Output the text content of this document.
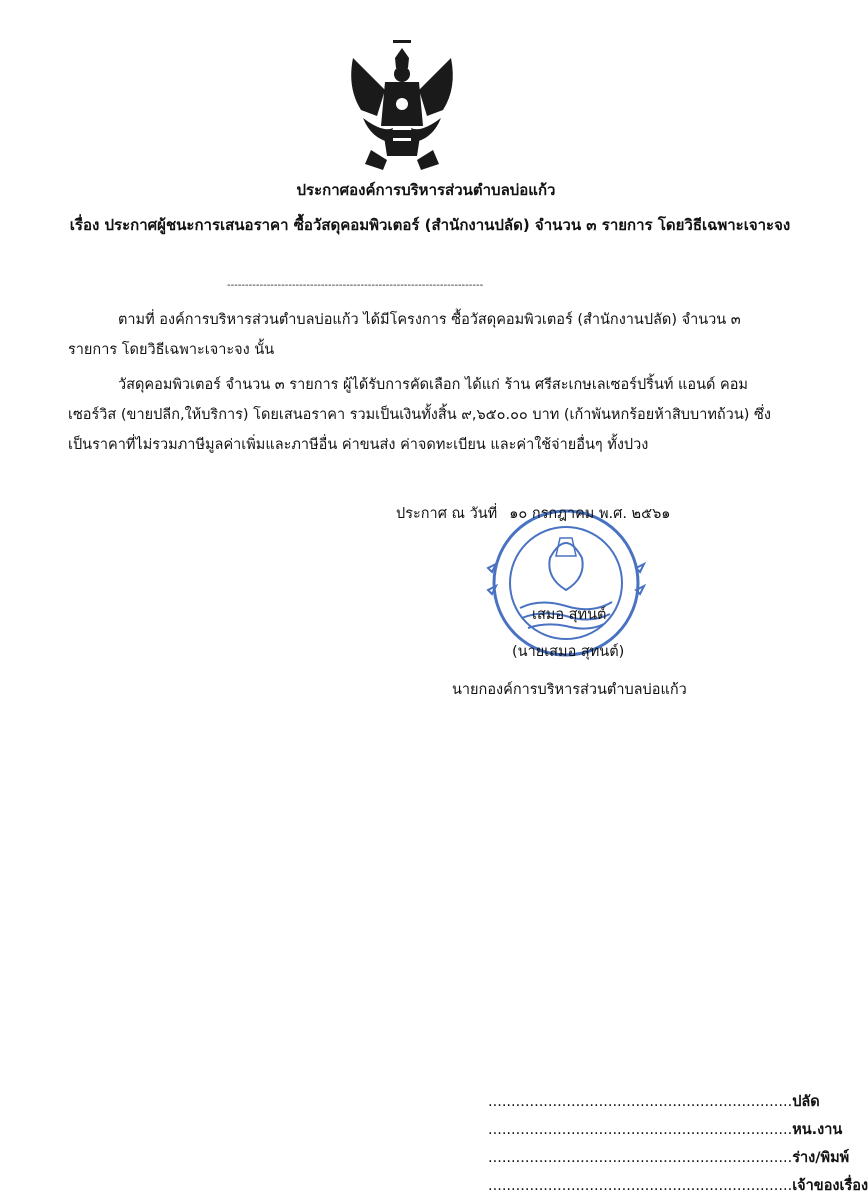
ประกาศองค์การบริหารส่วนตำบลบ่อแก้ว
เรื่อง ประกาศผู้ชนะการเสนอราคา ซื้อวัสดุคอมพิวเตอร์ (สำนักงานปลัด) จำนวน ๓ รายการ โดยวิธีเฉพาะเจาะจง
-----------------------------------------------------------------------
ตามที่ องค์การบริหารส่วนตำบลบ่อแก้ว ได้มีโครงการ ซื้อวัสดุคอมพิวเตอร์ (สำนักงานปลัด) จำนวน ๓ รายการ โดยวิธีเฉพาะเจาะจง นั้น
วัสดุคอมพิวเตอร์ จำนวน ๓ รายการ ผู้ได้รับการคัดเลือก ได้แก่ ร้าน ศรีสะเกษเลเซอร์ปริ้นท์ แอนด์ คอมเซอร์วิส (ขายปลีก,ให้บริการ) โดยเสนอราคา รวมเป็นเงินทั้งสิ้น ๙,๖๕๐.๐๐ บาท (เก้าพันหกร้อยห้าสิบบาทถ้วน) ซึ่งเป็นราคาที่ไม่รวมภาษีมูลค่าเพิ่มและภาษีอื่น ค่าขนส่ง ค่าจดทะเบียน และค่าใช้จ่ายอื่นๆ ทั้งปวง
ประกาศ ณ วันที่ ๑๐ กรกฎาคม พ.ศ. ๒๕๖๑
เสมอ สุทนต์
(นายเสมอ สุทนต์)
นายกองค์การบริหารส่วนตำบลบ่อแก้ว
..................................................................ปลัด
..................................................................หน.งาน
..................................................................ร่าง/พิมพ์
..................................................................เจ้าของเรื่อง
